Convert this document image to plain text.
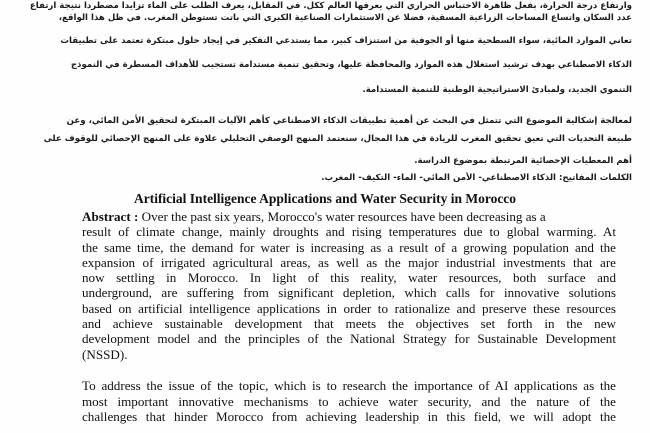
وارتفاع درجة الحرارة، بفعل ظاهرة الاحتباس الحراري التي يعرفها العالم ككل. في المقابل، يعرف الطلب على الماء تزايدا مضطردا نتيجة ارتفاع
عدد السكان واتساع المساحات الزراعية المسقية، فضلا عن الاستثمارات الصناعية الكبرى التي باتت تستوطن المغرب. في ظل هذا الواقع،
تعاني الموارد المائية، سواء السطحية منها أو الجوفية من استنزاف كبير، مما يستدعي التفكير في إيجاد حلول مبتكرة تعتمد على تطبيقات
الذكاء الاصطناعي بهدف ترشيد استغلال هذه الموارد والمحافظة عليها، وتحقيق تنمية مستدامة تستجيب للأهداف المسطرة في النموذج
التنموي الجديد، ولمبادئ الاستراتيجية الوطنية للتنمية المستدامة.
لمعالجة إشكالية الموضوع التي تتمثل في البحث عن أهمية تطبيقات الذكاء الاصطناعي كأهم الآليات المبتكرة لتحقيق الأمن المائي، وعن
طبيعة التحديات التي تعيق تحقيق المغرب للريادة في هذا المجال، سنعتمد المنهج الوصفي التحليلي علاوة على المنهج الإحصائي للوقوف على
أهم المعطيات الإحصائية المرتبطة بموضوع الدراسة.
الكلمات المفاتيح: الذكاء الاصطناعي- الأمن المائي- الماء- التكيف- المغرب.
Artificial Intelligence Applications and Water Security in Morocco
Abstract : Over the past six years, Morocco's water resources have been decreasing as a
result of climate change, mainly droughts and rising temperatures due to global warming. At
the same time, the demand for water is increasing as a result of a growing population and the
expansion of irrigated agricultural areas, as well as the major industrial investments that are
now settling in Morocco. In light of this reality, water resources, both surface and
underground, are suffering from significant depletion, which calls for innovative solutions
based on artificial intelligence applications in order to rationalize and preserve these resources
and achieve sustainable development that meets the objectives set forth in the new
development model and the principles of the National Strategy for Sustainable Development
(NSSD).
To address the issue of the topic, which is to research the importance of AI applications as the
most important innovative mechanisms to achieve water security, and the nature of the
challenges that hinder Morocco from achieving leadership in this field, we will adopt the
